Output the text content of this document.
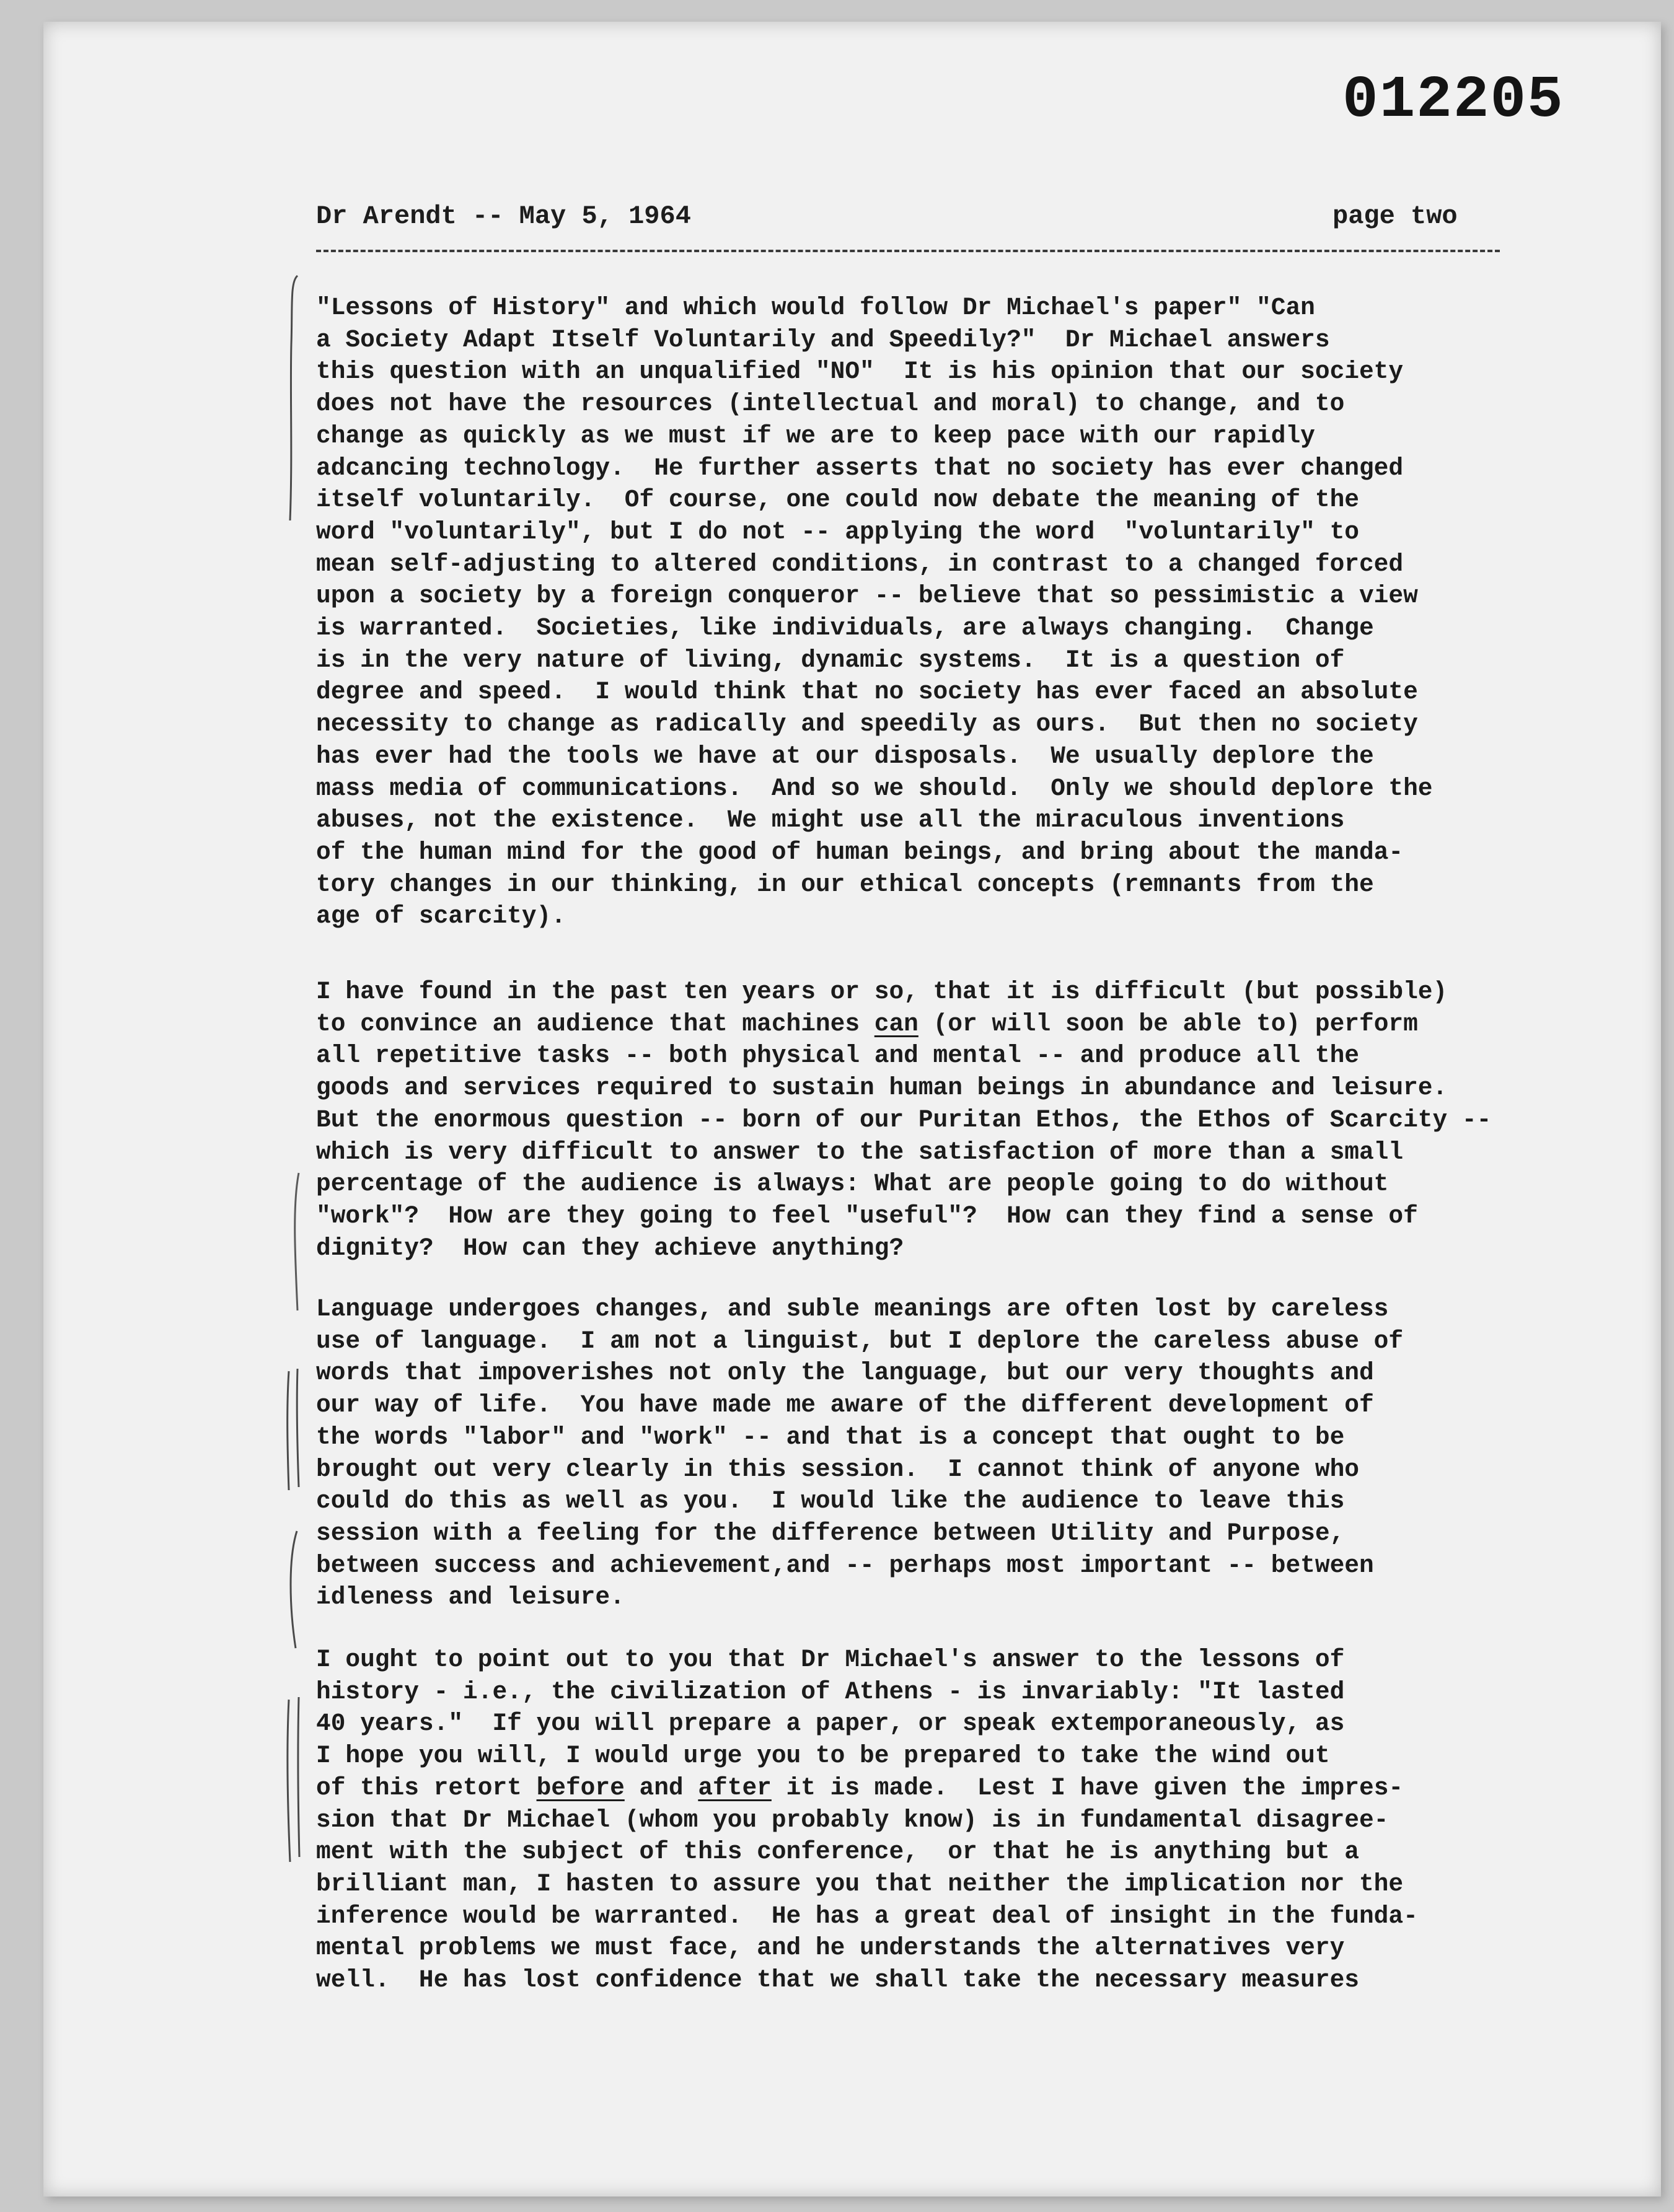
012205
Dr Arendt -- May 5, 1964	page two
"Lessons of History" and which would follow Dr Michael's paper" "Can
a Society Adapt Itself Voluntarily and Speedily?"  Dr Michael answers
this question with an unqualified "NO"  It is his opinion that our society
does not have the resources (intellectual and moral) to change, and to
change as quickly as we must if we are to keep pace with our rapidly
adcancing technology.  He further asserts that no society has ever changed
itself voluntarily.  Of course, one could now debate the meaning of the
word "voluntarily", but I do not -- applying the word  "voluntarily" to
mean self-adjusting to altered conditions, in contrast to a changed forced
upon a society by a foreign conqueror -- believe that so pessimistic a view
is warranted.  Societies, like individuals, are always changing.  Change
is in the very nature of living, dynamic systems.  It is a question of
degree and speed.  I would think that no society has ever faced an absolute
necessity to change as radically and speedily as ours.  But then no society
has ever had the tools we have at our disposals.  We usually deplore the
mass media of communications.  And so we should.  Only we should deplore the
abuses, not the existence.  We might use all the miraculous inventions
of the human mind for the good of human beings, and bring about the manda-
tory changes in our thinking, in our ethical concepts (remnants from the
age of scarcity).
I have found in the past ten years or so, that it is difficult (but possible)
to convince an audience that machines can (or will soon be able to) perform
all repetitive tasks -- both physical and mental -- and produce all the
goods and services required to sustain human beings in abundance and leisure.
But the enormous question -- born of our Puritan Ethos, the Ethos of Scarcity --
which is very difficult to answer to the satisfaction of more than a small
percentage of the audience is always: What are people going to do without
"work"?  How are they going to feel "useful"?  How can they find a sense of
dignity?  How can they achieve anything?
Language undergoes changes, and suble meanings are often lost by careless
use of language.  I am not a linguist, but I deplore the careless abuse of
words that impoverishes not only the language, but our very thoughts and
our way of life.  You have made me aware of the different development of
the words "labor" and "work" -- and that is a concept that ought to be
brought out very clearly in this session.  I cannot think of anyone who
could do this as well as you.  I would like the audience to leave this
session with a feeling for the difference between Utility and Purpose,
between success and achievement,and -- perhaps most important -- between
idleness and leisure.
I ought to point out to you that Dr Michael's answer to the lessons of
history - i.e., the civilization of Athens - is invariably: "It lasted
40 years."  If you will prepare a paper, or speak extemporaneously, as
I hope you will, I would urge you to be prepared to take the wind out
of this retort before and after it is made.  Lest I have given the impres-
sion that Dr Michael (whom you probably know) is in fundamental disagree-
ment with the subject of this conference,  or that he is anything but a
brilliant man, I hasten to assure you that neither the implication nor the
inference would be warranted.  He has a great deal of insight in the funda-
mental problems we must face, and he understands the alternatives very
well.  He has lost confidence that we shall take the necessary measures
